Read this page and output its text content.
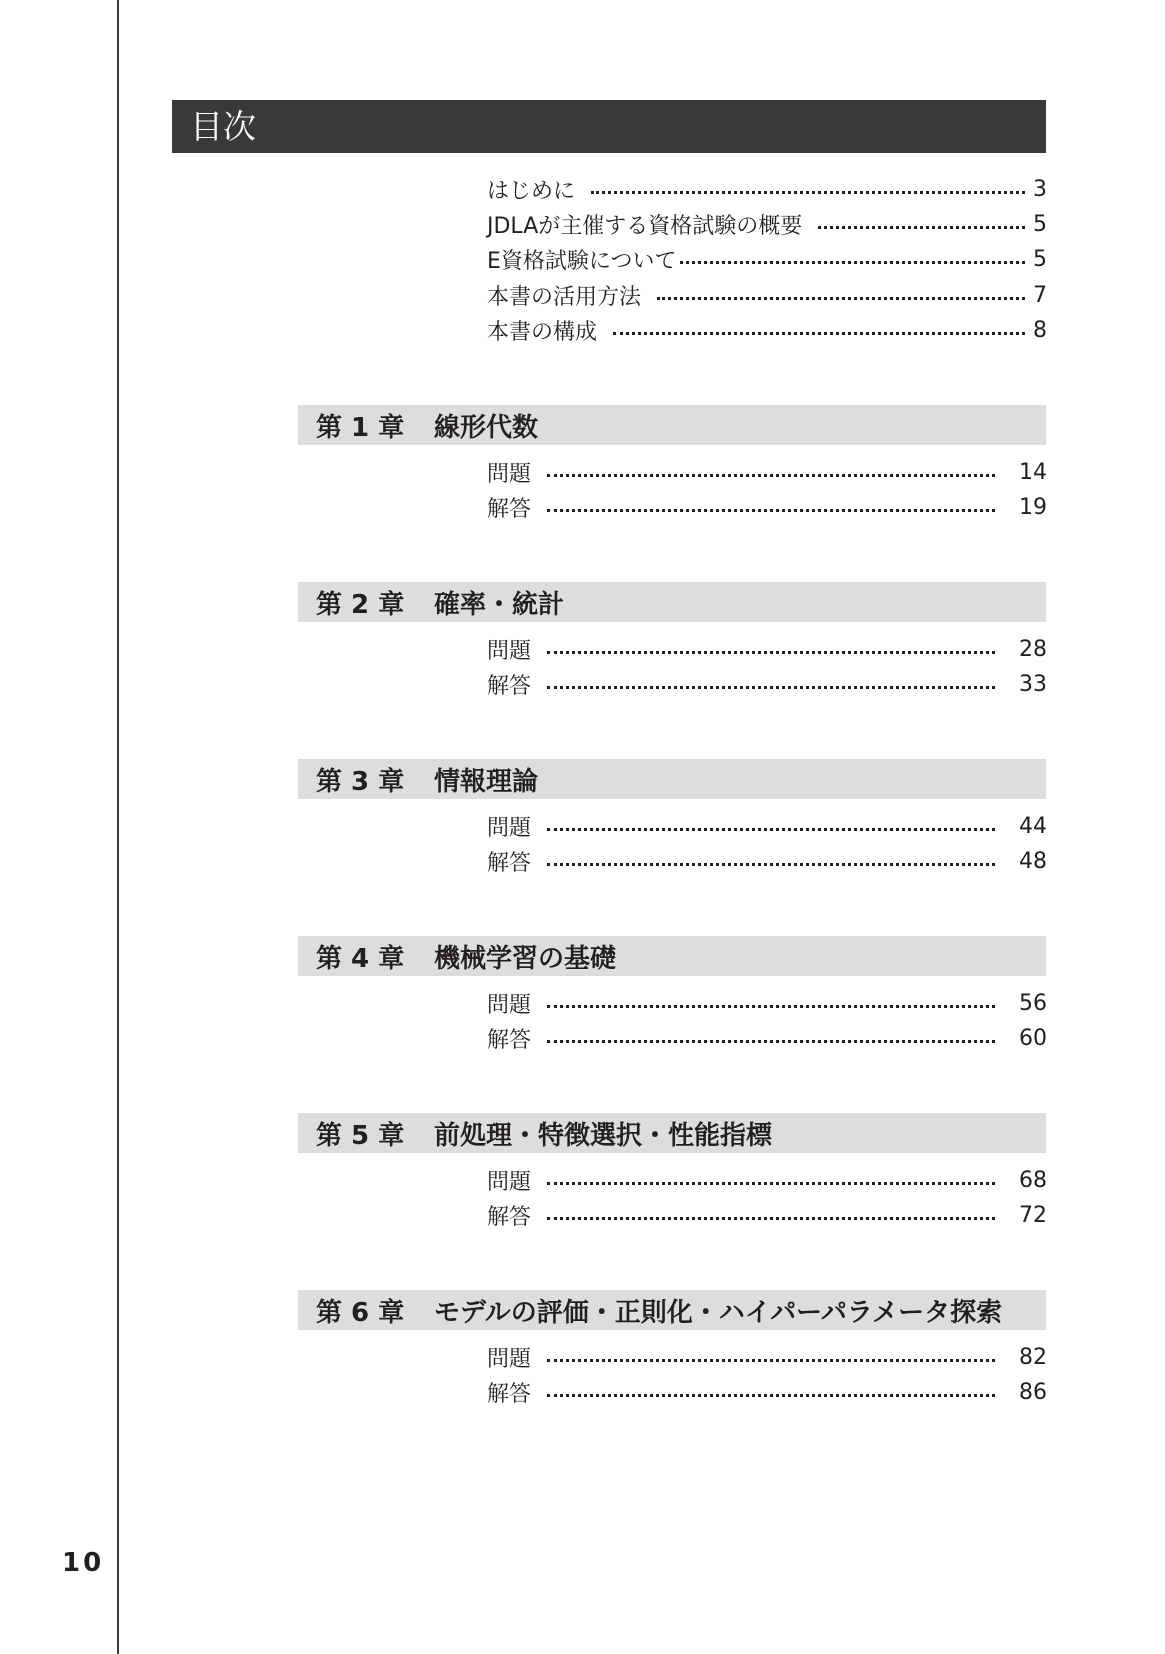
目次
はじめに	3
JDLAが主催する資格試験の概要	5
E資格試験について	5
本書の活用方法	7
本書の構成	8
第 1 章	線形代数
問題	14
解答	19
第 2 章	確率・統計
問題	28
解答	33
第 3 章	情報理論
問題	44
解答	48
第 4 章	機械学習の基礎
問題	56
解答	60
第 5 章	前処理・特徴選択・性能指標
問題	68
解答	72
第 6 章	モデルの評価・正則化・ハイパーパラメータ探索
問題	82
解答	86
10
